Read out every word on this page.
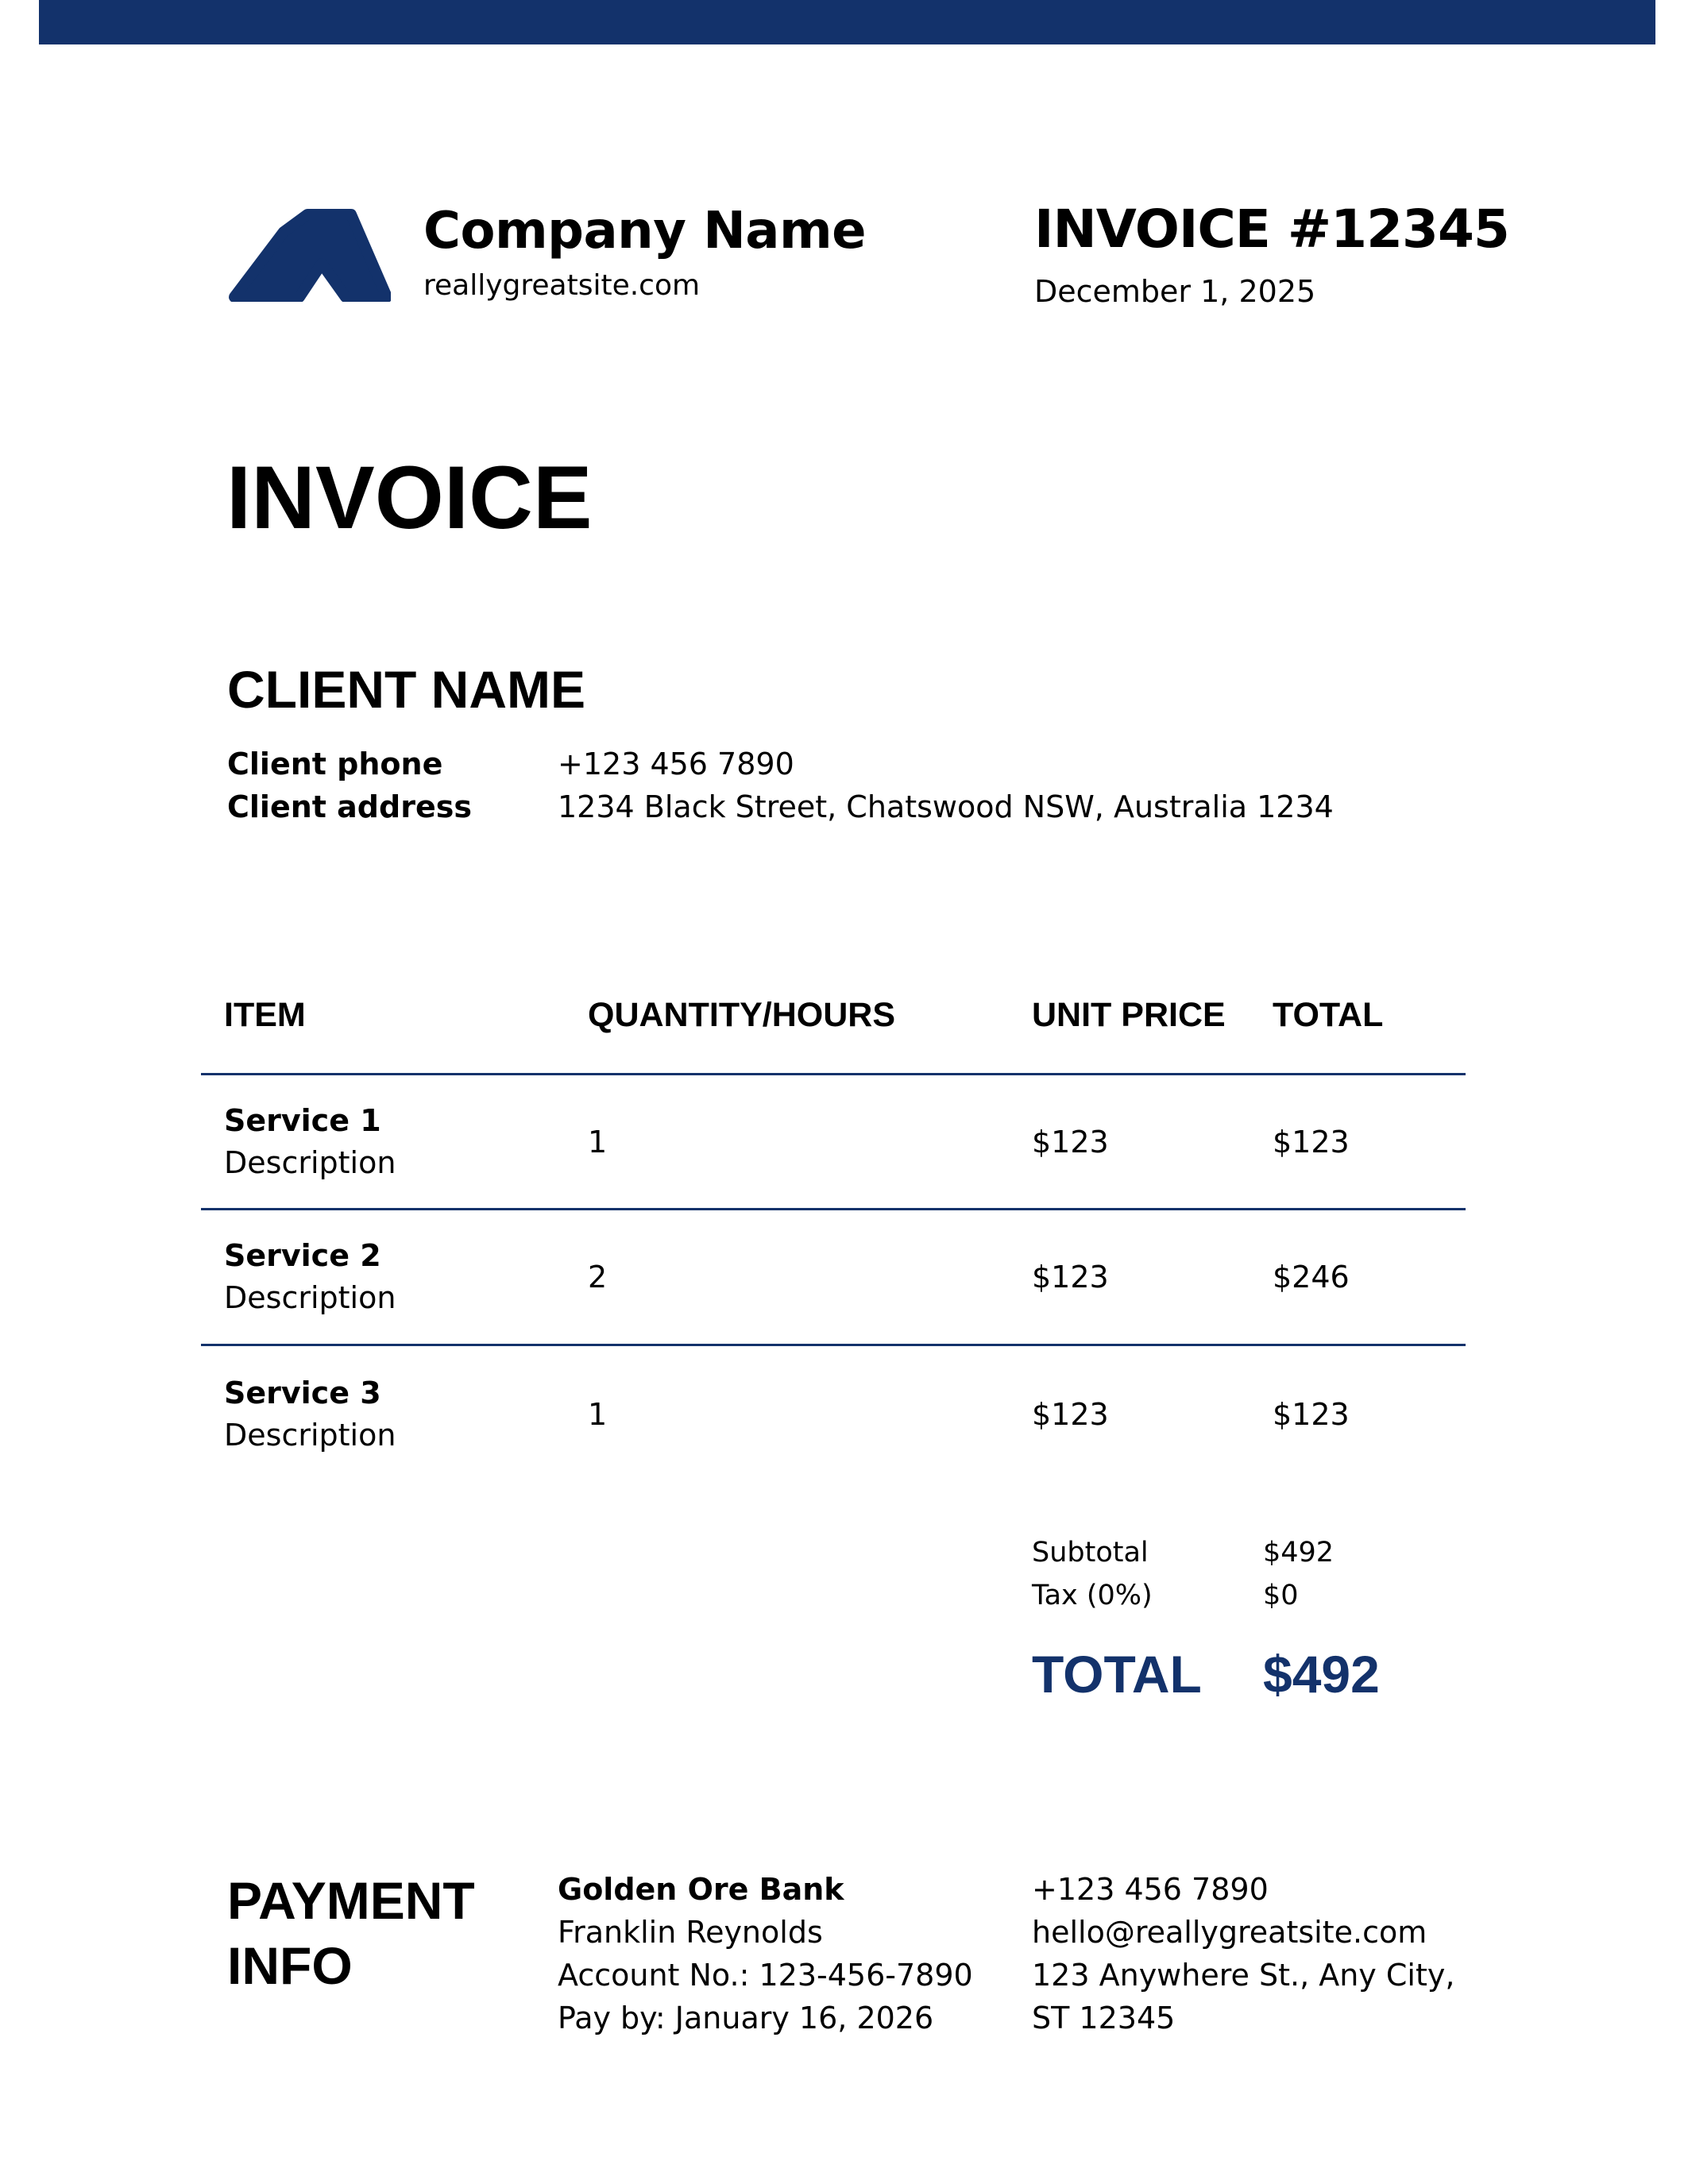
Company Name
reallygreatsite.com
INVOICE #12345
December 1, 2025
INVOICE
CLIENT NAME
Client phone	+123 456 7890
Client address	1234 Black Street, Chatswood NSW, Australia 1234
ITEM	QUANTITY/HOURS	UNIT PRICE TOTAL
Service 1
Description
1	$123	$123
Service 2
Description
2	$123	$246
Service 3
Description
1	$123	$123
Subtotal	$492
Tax (0%)	$0
TOTAL $492
PAYMENT
INFO
Golden Ore Bank
Franklin Reynolds
Account No.: 123-456-7890
Pay by: January 16, 2026
+123 456 7890
hello@reallygreatsite.com
123 Anywhere St., Any City,
ST 12345
